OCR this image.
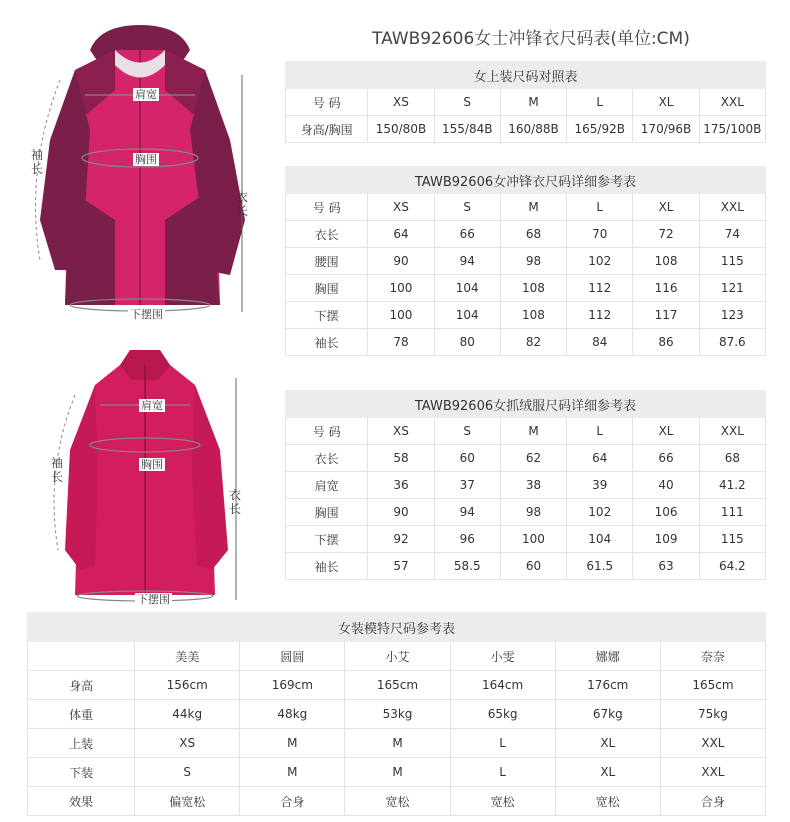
TAWB92606女士冲锋衣尺码表(单位:CM)
肩宽
胸围
袖长
衣长
下摆围
肩宽
胸围
袖长
衣长
下摆围
女上装尺码对照表						
号 码	XS	S	M	L	XL	XXL
身高/胸围	150/80B	155/84B	160/88B	165/92B	170/96B	175/100B
TAWB92606女冲锋衣尺码详细参考表						
号 码	XS	S	M	L	XL	XXL
衣长	64	66	68	70	72	74
腰围	90	94	98	102	108	115
胸围	100	104	108	112	116	121
下摆	100	104	108	112	117	123
袖长	78	80	82	84	86	87.6
TAWB92606女抓绒服尺码详细参考表						
号 码	XS	S	M	L	XL	XXL
衣长	58	60	62	64	66	68
肩宽	36	37	38	39	40	41.2
胸围	90	94	98	102	106	111
下摆	92	96	100	104	109	115
袖长	57	58.5	60	61.5	63	64.2
女装模特尺码参考表						
	美美	圆圆	小艾	小雯	娜娜	奈奈
身高	156cm	169cm	165cm	164cm	176cm	165cm
体重	44kg	48kg	53kg	65kg	67kg	75kg
上装	XS	M	M	L	XL	XXL
下装	S	M	M	L	XL	XXL
效果	偏宽松	合身	宽松	宽松	宽松	合身
